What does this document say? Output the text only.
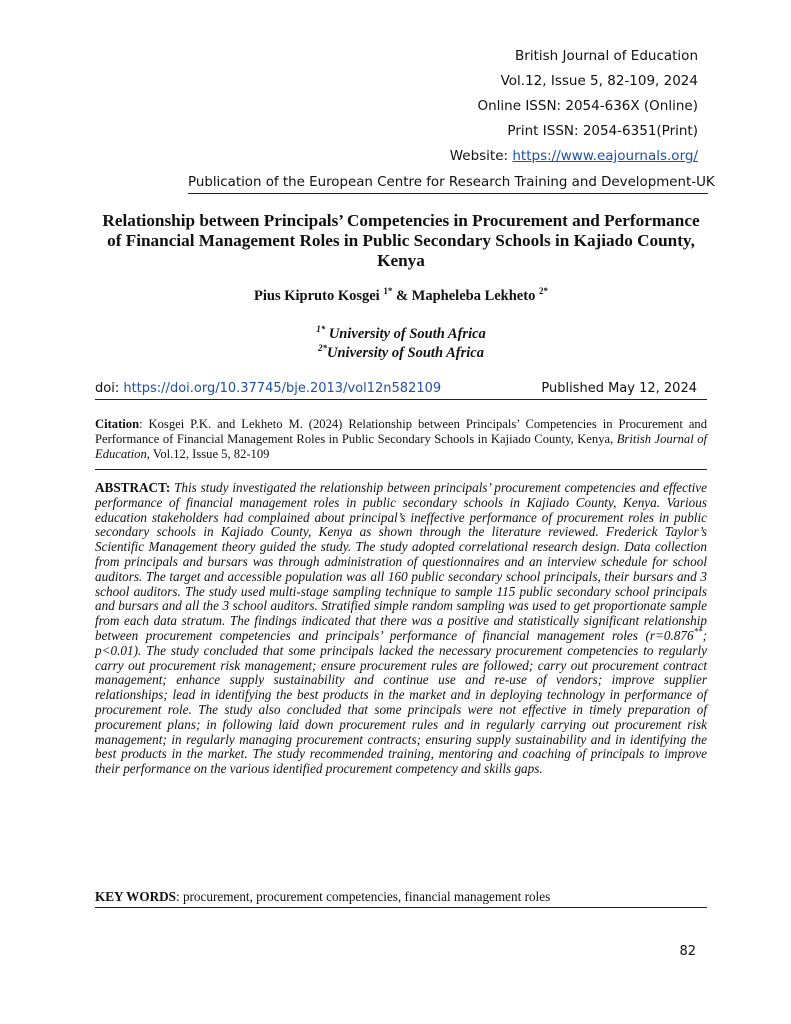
British Journal of Education
Vol.12, Issue 5, 82-109, 2024
Online ISSN: 2054-636X (Online)
Print ISSN: 2054-6351(Print)
Website: https://www.eajournals.org/
Publication of the European Centre for Research Training and Development-UK
Relationship between Principals’ Competencies in Procurement and Performance of Financial Management Roles in Public Secondary Schools in Kajiado County, Kenya
Pius Kipruto Kosgei $^{1*}$ & Mapheleba Lekheto $^{2*}$
$^{1*}$ University of South Africa
$^{2*}$University of South Africa
doi: https://doi.org/10.37745/bje.2013/vol12n582109	Published May 12, 2024
Citation: Kosgei P.K. and Lekheto M. (2024) Relationship between Principals’ Competencies in Procurement and Performance of Financial Management Roles in Public Secondary Schools in Kajiado County, Kenya, British Journal of Education, Vol.12, Issue 5, 82-109
ABSTRACT: This study investigated the relationship between principals’ procurement competencies and effective performance of financial management roles in public secondary schools in Kajiado County, Kenya. Various education stakeholders had complained about principal’s ineffective performance of procurement roles in public secondary schools in Kajiado County, Kenya as shown through the literature reviewed. Frederick Taylor’s Scientific Management theory guided the study. The study adopted correlational research design. Data collection from principals and bursars was through administration of questionnaires and an interview schedule for school auditors. The target and accessible population was all 160 public secondary school principals, their bursars and 3 school auditors. The study used multi-stage sampling technique to sample 115 public secondary school principals and bursars and all the 3 school auditors. Stratified simple random sampling was used to get proportionate sample from each data stratum. The findings indicated that there was a positive and statistically significant relationship between procurement competencies and principals’ performance of financial management roles (r=0.876**; p<0.01). The study concluded that some principals lacked the necessary procurement competencies to regularly carry out procurement risk management; ensure procurement rules are followed; carry out procurement contract management; enhance supply sustainability and continue use and re-use of vendors; improve supplier relationships; lead in identifying the best products in the market and in deploying technology in performance of procurement role. The study also concluded that some principals were not effective in timely preparation of procurement plans; in following laid down procurement rules and in regularly carrying out procurement risk management; in regularly managing procurement contracts; ensuring supply sustainability and in identifying the best products in the market. The study recommended training, mentoring and coaching of principals to improve their performance on the various identified procurement competency and skills gaps.
KEY WORDS: procurement, procurement competencies, financial management roles
82
